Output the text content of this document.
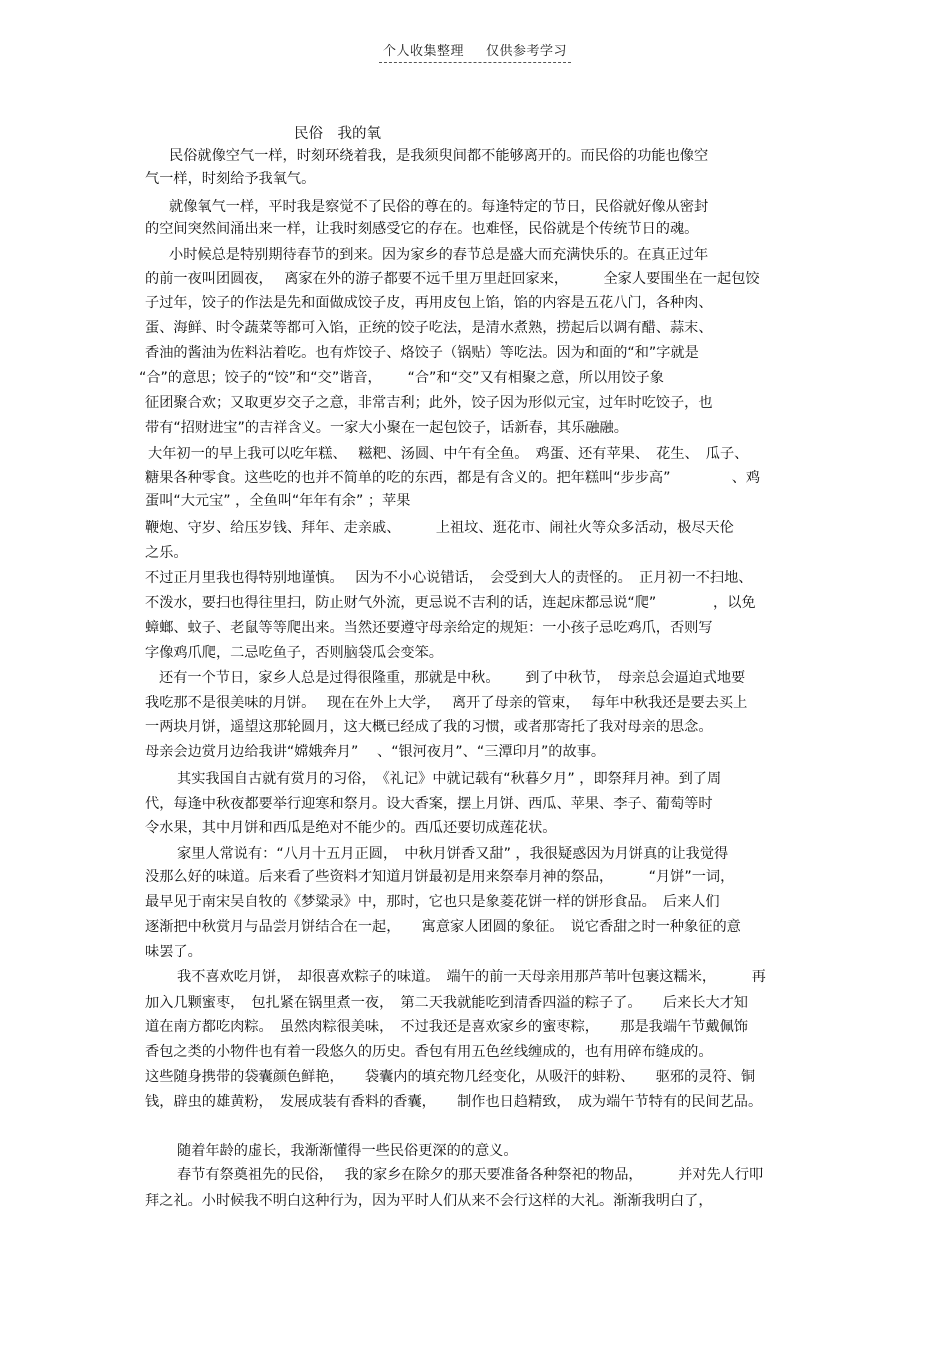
个人收集整理 仅供参考学习
民俗　我的氧
民俗就像空气一样，时刻环绕着我，是我须臾间都不能够离开的。而民俗的功能也像空
气一样，时刻给予我氧气。
就像氧气一样，平时我是察觉不了民俗的尊在的。每逢特定的节日，民俗就好像从密封
的空间突然间涌出来一样，让我时刻感受它的存在。也难怪，民俗就是个传统节日的魂。
小时候总是特别期待春节的到来。因为家乡的春节总是盛大而充满快乐的。在真正过年
的前一夜叫团圆夜，　 离家在外的游子都要不远千里万里赶回家来，　　　全家人要围坐在一起包饺
子过年，饺子的作法是先和面做成饺子皮，再用皮包上馅，馅的内容是五花八门，各种肉、
蛋、海鲜、时令蔬菜等都可入馅，正统的饺子吃法，是清水煮熟，捞起后以调有醋、蒜末、
香油的酱油为佐料沾着吃。也有炸饺子、烙饺子（锅贴）等吃法。因为和面的“和”字就是
“合”的意思；饺子的“饺”和“交”谐音，　　 “合”和“交”又有相聚之意，所以用饺子象
征团聚合欢；又取更岁交子之意，非常吉利；此外，饺子因为形似元宝，过年时吃饺子，也
带有“招财进宝”的吉祥含义。一家大小聚在一起包饺子，话新春，其乐融融。
大年初一的早上我可以吃年糕、　 糍粑、汤圆、中午有全鱼。　鸡蛋、还有苹果、　花生、　瓜子、
糖果各种零食。这些吃的也并不简单的吃的东西，都是有含义的。把年糕叫“步步高”　　　　 、鸡
蛋叫“大元宝” ，全鱼叫“年年有余” ；苹果
鞭炮、守岁、给压岁钱、拜年、走亲戚、　　　上祖坟、逛花市、闹社火等众多活动，极尽天伦
之乐。
不过正月里我也得特别地谨慎。　 因为不小心说错话，　会受到大人的责怪的。　正月初一不扫地、
不泼水，要扫也得往里扫，防止财气外流，更忌说不吉利的话，连起床都忌说“爬”　　　　，以免
蟑螂、蚊子、老鼠等等爬出来。当然还要遵守母亲给定的规矩：一小孩子忌吃鸡爪，否则写
字像鸡爪爬，二忌吃鱼子，否则脑袋瓜会变笨。
还有一个节日，家乡人总是过得很隆重，那就是中秋。　　 到了中秋节，　母亲总会逼迫式地要
我吃那不是很美味的月饼。　 现在在外上大学，　 离开了母亲的管束，　 每年中秋我还是要去买上
一两块月饼，遥望这那轮圆月，这大概已经成了我的习惯，或者那寄托了我对母亲的思念。
母亲会边赏月边给我讲“嫦娥奔月”　 、“银河夜月”、“三潭印月”的故事。
其实我国自古就有赏月的习俗，　《礼记》中就记载有“秋暮夕月” ，即祭拜月神。到了周
代，每逢中秋夜都要举行迎寒和祭月。设大香案，摆上月饼、西瓜、苹果、李子、葡萄等时
令水果，其中月饼和西瓜是绝对不能少的。西瓜还要切成莲花状。
家里人常说有：“八月十五月正圆，　中秋月饼香又甜” ，我很疑惑因为月饼真的让我觉得
没那么好的味道。后来看了些资料才知道月饼最初是用来祭奉月神的祭品，　　　“月饼”一词，
最早见于南宋吴自牧的《梦粱录》中，那时，它也只是象菱花饼一样的饼形食品。　后来人们
逐渐把中秋赏月与品尝月饼结合在一起，　　寓意家人团圆的象征。　说它香甜之时一种象征的意
味罢了。
我不喜欢吃月饼，　却很喜欢粽子的味道。　端午的前一天母亲用那芦苇叶包裹这糯米，　　　再
加入几颗蜜枣，　包扎紧在锅里煮一夜，　第二天我就能吃到清香四溢的粽子了。　　后来长大才知
道在南方都吃肉粽。　虽然肉粽很美味，　不过我还是喜欢家乡的蜜枣粽，　　那是我端午节戴佩饰
香包之类的小物件也有着一段悠久的历史。香包有用五色丝线缠成的，也有用碎布缝成的。
这些随身携带的袋囊颜色鲜艳，　　袋囊内的填充物几经变化，从吸汗的蚌粉、　　驱邪的灵符、铜
钱，辟虫的雄黄粉，　发展成装有香料的香囊，　　制作也日趋精致，　成为端午节特有的民间艺品。
随着年龄的虚长，我渐渐懂得一些民俗更深的的意义。
春节有祭奠祖先的民俗，　 我的家乡在除夕的那天要准备各种祭祀的物品，　　　并对先人行叩
拜之礼。小时候我不明白这种行为，因为平时人们从来不会行这样的大礼。渐渐我明白了，
